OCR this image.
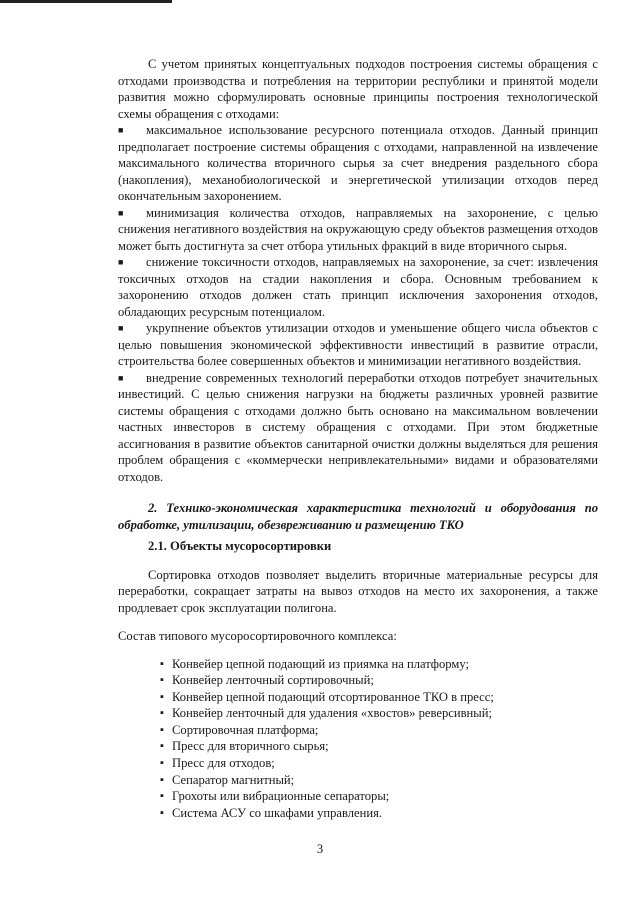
С учетом принятых концептуальных подходов построения системы обращения с отходами производства и потребления на территории республики и принятой модели развития можно сформулировать основные принципы построения технологической схемы обращения с отходами:

■ максимальное использование ресурсного потенциала отходов. Данный принцип предполагает построение системы обращения с отходами, направленной на извлечение максимального количества вторичного сырья за счет внедрения раздельного сбора (накопления), механобиологической и энергетической утилизации отходов перед окончательным захоронением.

■ минимизация количества отходов, направляемых на захоронение, с целью снижения негативного воздействия на окружающую среду объектов размещения отходов может быть достигнута за счет отбора утильных фракций в виде вторичного сырья.

■ снижение токсичности отходов, направляемых на захоронение, за счет: извлечения токсичных отходов на стадии накопления и сбора. Основным требованием к захоронению отходов должен стать принцип исключения захоронения отходов, обладающих ресурсным потенциалом.

■ укрупнение объектов утилизации отходов и уменьшение общего числа объектов с целью повышения экономической эффективности инвестиций в развитие отрасли, строительства более совершенных объектов и минимизации негативного воздействия.

■ внедрение современных технологий переработки отходов потребует значительных инвестиций. С целью снижения нагрузки на бюджеты различных уровней развитие системы обращения с отходами должно быть основано на максимальном вовлечении частных инвесторов в систему обращения с отходами. При этом бюджетные ассигнования в развитие объектов санитарной очистки должны выделяться для решения проблем обращения с «коммерчески непривлекательными» видами и образователями отходов.

2. Технико-экономическая характеристика технологий и оборудования по обработке, утилизации, обезвреживанию и размещению ТКО

2.1. Объекты мусоросортировки

Сортировка отходов позволяет выделить вторичные материальные ресурсы для переработки, сокращает затраты на вывоз отходов на место их захоронения, а также продлевает срок эксплуатации полигона.

Состав типового мусоросортировочного комплекса:

▪ Конвейер цепной подающий из приямка на платформу;
▪ Конвейер ленточный сортировочный;
▪ Конвейер цепной подающий отсортированное ТКО в пресс;
▪ Конвейер ленточный для удаления «хвостов» реверсивный;
▪ Сортировочная платформа;
▪ Пресс для вторичного сырья;
▪ Пресс для отходов;
▪ Сепаратор магнитный;
▪ Грохоты или вибрационные сепараторы;
▪ Система АСУ со шкафами управления.
3
